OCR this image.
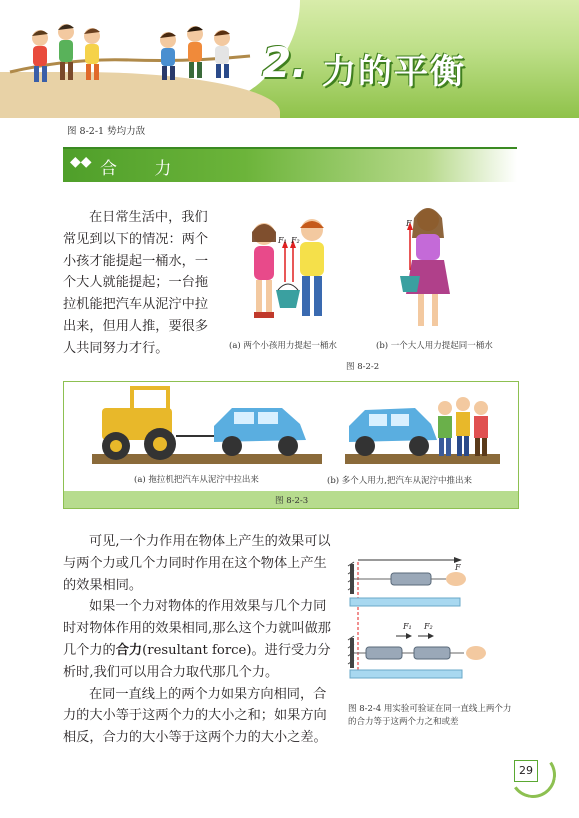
2. 力的平衡
图 8-2-1 势均力敌
◆◆ 合 力
在日常生活中，我们常见到以下的情况：两个小孩才能提起一桶水，一个大人就能提起；一台拖拉机能把汽车从泥泞中拉出来，但用人推，要很多人共同努力才行。
F₁ F₂
F
(a) 两个小孩用力提起一桶水	(b) 一个大人用力提起同一桶水
图 8-2-2
(a) 拖拉机把汽车从泥泞中拉出来	(b) 多个人用力,把汽车从泥泞中推出来
图 8-2-3

可见,一个力作用在物体上产生的效果可以与两个力或几个力同时作用在这个物体上产生的效果相同。

如果一个力对物体的作用效果与几个力同时对物体作用的效果相同,那么这个力就叫做那几个力的合力(resultant force)。进行受力分析时,我们可以用合力取代那几个力。

在同一直线上的两个力如果方向相同，合力的大小等于这两个力的大小之和；如果方向相反，合力的大小等于这两个力的大小之差。

F
F₁ F₂
图 8-2-4 用实验可验证在同一直线上两个力的合力等于这两个力之和或差
29
